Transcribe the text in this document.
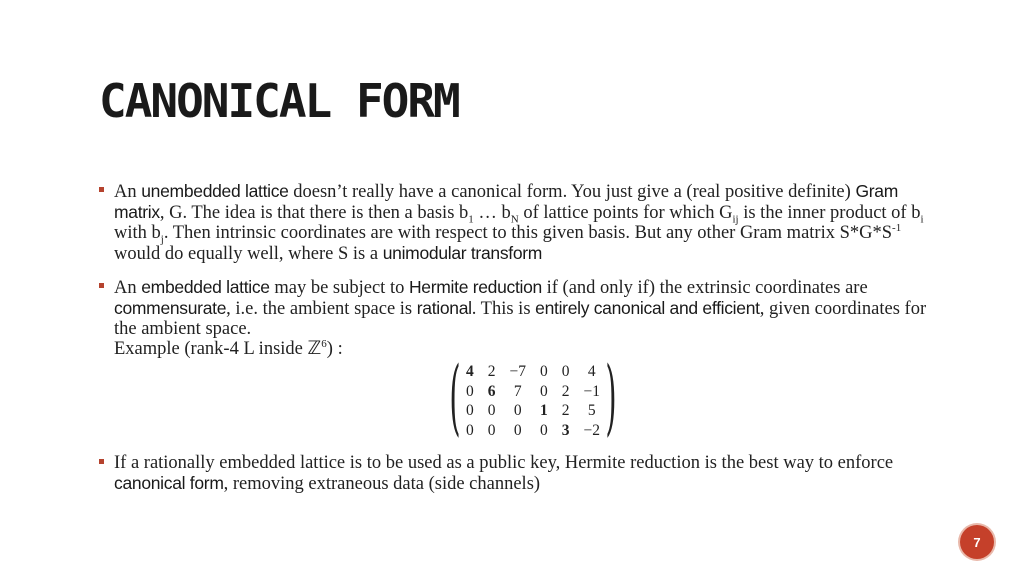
CANONICAL FORM
An unembedded lattice doesn’t really have a canonical form. You just give a (real positive definite) Gram matrix, G. The idea is that there is then a basis $b_1$ … $b_N$ of lattice points for which $G_{ij}$ is the inner product of $b_i$ with $b_j$. Then intrinsic coordinates are with respect to this given basis. But any other Gram matrix $S*G*S^{-1}$ would do equally well, where S is a unimodular transform
An embedded lattice may be subject to Hermite reduction if (and only if) the extrinsic coordinates are commensurate, i.e. the ambient space is rational. This is entirely canonical and efficient, given coordinates for the ambient space.
Example (rank-4 L inside ℤ$^6$) :
( 4	2	−7	0	0	4
0	6	7	0	2	−1
0	0	0	1	2	5
0	0	0	0	3	−2 )
If a rationally embedded lattice is to be used as a public key, Hermite reduction is the best way to enforce canonical form, removing extraneous data (side channels)
7
